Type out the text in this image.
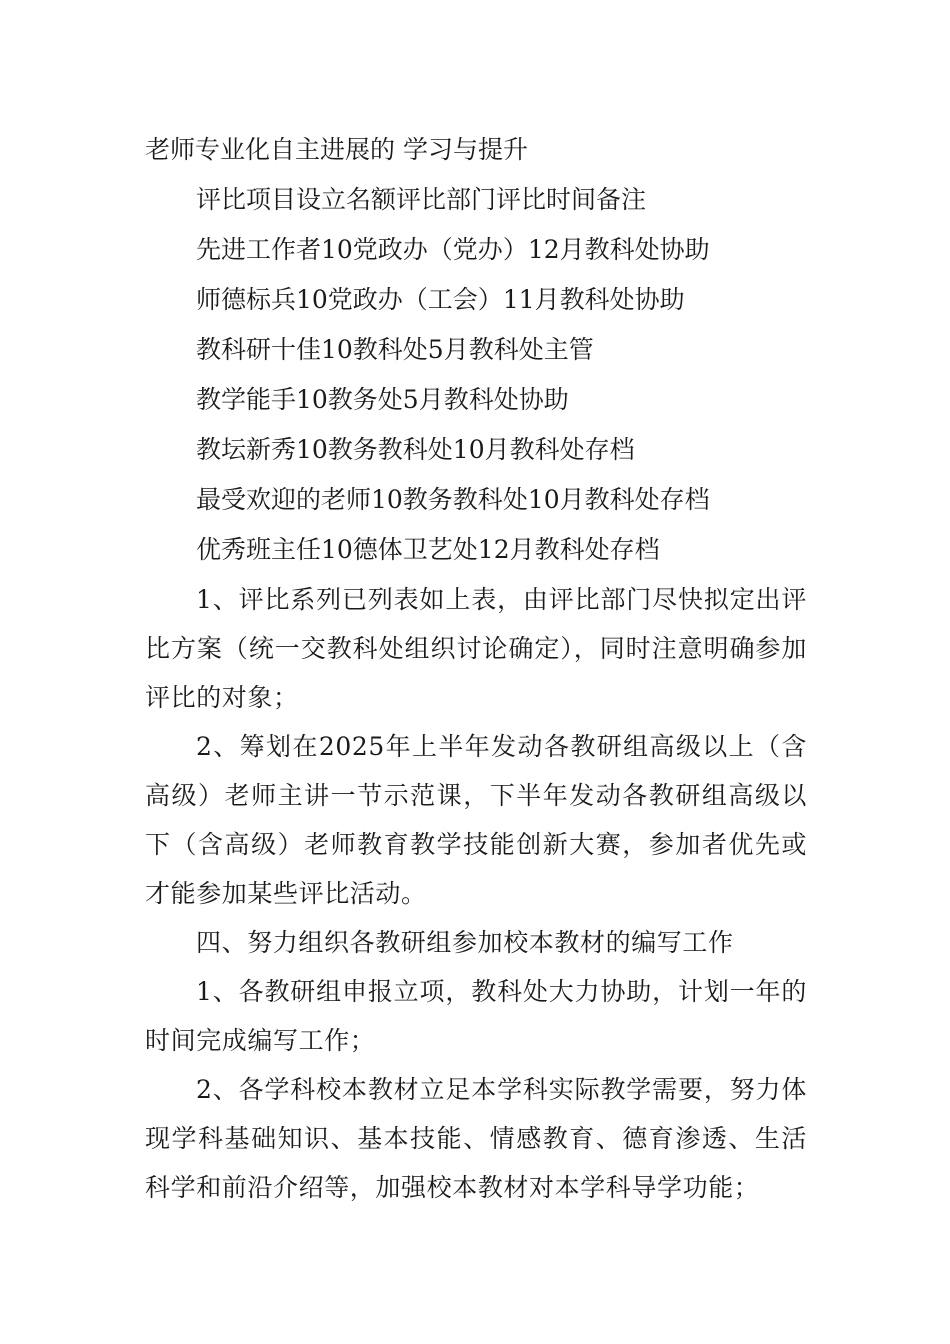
老师专业化自主进展的 学习与提升

评比项目设立名额评比部门评比时间备注

先进工作者10党政办（党办）12月教科处协助

师德标兵10党政办（工会）11月教科处协助

教科研十佳10教科处5月教科处主管

教学能手10教务处5月教科处协助

教坛新秀10教务教科处10月教科处存档

最受欢迎的老师10教务教科处10月教科处存档

优秀班主任10德体卫艺处12月教科处存档

1、评比系列已列表如上表，由评比部门尽快拟定出评比方案（统一交教科处组织讨论确定），同时注意明确参加评比的对象；

2、筹划在2025年上半年发动各教研组高级以上（含高级）老师主讲一节示范课，下半年发动各教研组高级以下（含高级）老师教育教学技能创新大赛，参加者优先或才能参加某些评比活动。

四、努力组织各教研组参加校本教材的编写工作

1、各教研组申报立项，教科处大力协助，计划一年的时间完成编写工作；

2、各学科校本教材立足本学科实际教学需要，努力体现学科基础知识、基本技能、情感教育、德育渗透、生活科学和前沿介绍等，加强校本教材对本学科导学功能；
